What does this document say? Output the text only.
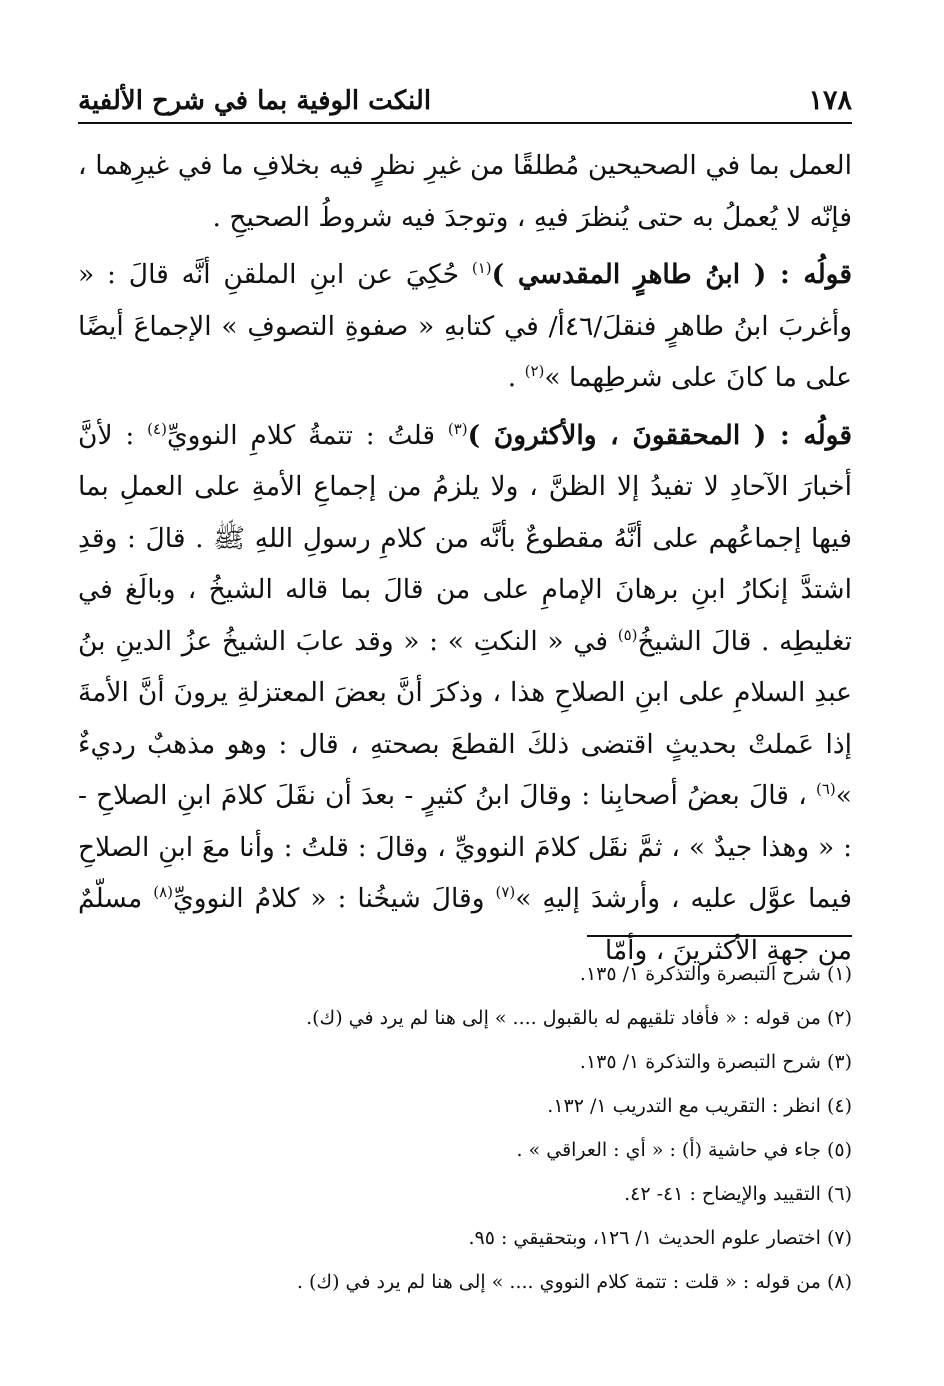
١٧٨
النكت الوفية بما في شرح الألفية

العمل بما في الصحيحين مُطلقًا من غيرِ نظرٍ فيه بخلافِ ما في غيرِهما ، فإنّه لا يُعملُ به حتى يُنظرَ فيهِ ، وتوجدَ فيه شروطُ الصحيحِ .

قولُه : ( ابنُ طاهرٍ المقدسي )$^{(١)}$ حُكِيَ عن ابنِ الملقنِ أنَّه قالَ : « وأغربَ ابنُ طاهرٍ فنقلَ/٤٦أ/ في كتابهِ « صفوةِ التصوفِ » الإجماعَ أيضًا على ما كانَ على شرطِهما »$^{(٢)}$ .

قولُه : ( المحققونَ ، والأكثرونَ )$^{(٣)}$ قلتُ : تتمةُ كلامِ النوويِّ$^{(٤)}$ : لأنَّ أخبارَ الآحادِ لا تفيدُ إلا الظنَّ ، ولا يلزمُ من إجماعِ الأمةِ على العملِ بما فيها إجماعُهم على أنَّهُ مقطوعٌ بأنَّه من كلامِ رسولِ اللهِ ﷺ . قالَ : وقدِ اشتدَّ إنكارُ ابنِ برهانَ الإمامِ على من قالَ بما قاله الشيخُ ، وبالَغ في تغليطِه . قالَ الشيخُ$^{(٥)}$ في « النكتِ » : « وقد عابَ الشيخُ عزُ الدينِ بنُ عبدِ السلامِ على ابنِ الصلاحِ هذا ، وذكرَ أنَّ بعضَ المعتزلةِ يرونَ أنَّ الأمةَ إذا عَملتْ بحديثٍ اقتضى ذلكَ القطعَ بصحتهِ ، قال : وهو مذهبٌ رديءٌ »$^{(٦)}$ ، قالَ بعضُ أصحابِنا : وقالَ ابنُ كثيرٍ - بعدَ أن نقَلَ كلامَ ابنِ الصلاحِ - : « وهذا جيدٌ » ، ثمَّ نقَل كلامَ النوويِّ ، وقالَ : قلتُ : وأنا معَ ابنِ الصلاحِ فيما عوَّل عليه ، وأرشدَ إليهِ »$^{(٧)}$ وقالَ شيخُنا : « كلامُ النوويِّ$^{(٨)}$ مسلّمٌ من جهةِ الأكثرينَ ، وأمّا

(١) شرح التبصرة والتذكرة ١/ ١٣٥.

(٢) من قوله : « فأفاد تلقيهم له بالقبول .... » إلى هنا لم يرد في (ك).

(٣) شرح التبصرة والتذكرة ١/ ١٣٥.

(٤) انظر : التقريب مع التدريب ١/ ١٣٢.

(٥) جاء في حاشية (أ) : « أي : العراقي » .

(٦) التقييد والإيضاح : ٤١- ٤٢.

(٧) اختصار علوم الحديث ١/ ١٢٦، وبتحقيقي : ٩٥.

(٨) من قوله : « قلت : تتمة كلام النووي .... » إلى هنا لم يرد في (ك) .
